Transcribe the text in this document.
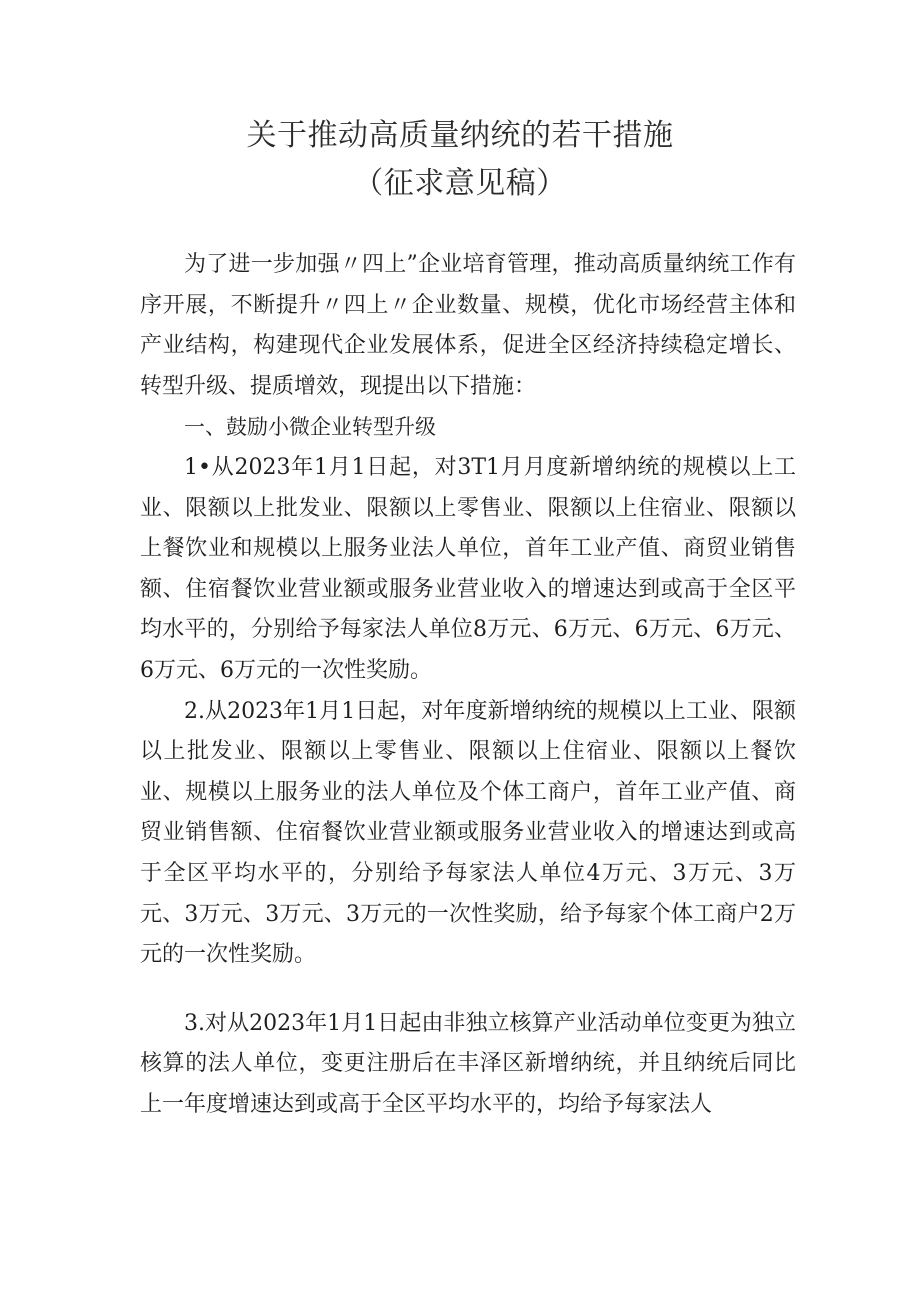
关于推动高质量纳统的若干措施
（征求意见稿）

为了进一步加强〃四上”企业培育管理，推动高质量纳统工作有序开展，不断提升〃四上〃企业数量、规模，优化市场经营主体和产业结构，构建现代企业发展体系，促进全区经济持续稳定增长、转型升级、提质增效，现提出以下措施：

一、鼓励小微企业转型升级

1•从2023年1月1日起，对3T1月月度新增纳统的规模以上工业、限额以上批发业、限额以上零售业、限额以上住宿业、限额以上餐饮业和规模以上服务业法人单位，首年工业产值、商贸业销售额、住宿餐饮业营业额或服务业营业收入的增速达到或高于全区平均水平的，分别给予每家法人单位8万元、6万元、6万元、6万元、6万元、6万元的一次性奖励。

2.从2023年1月1日起，对年度新增纳统的规模以上工业、限额以上批发业、限额以上零售业、限额以上住宿业、限额以上餐饮业、规模以上服务业的法人单位及个体工商户，首年工业产值、商贸业销售额、住宿餐饮业营业额或服务业营业收入的增速达到或高于全区平均水平的，分别给予每家法人单位4万元、3万元、3万元、3万元、3万元、3万元的一次性奖励，给予每家个体工商户2万元的一次性奖励。

3.对从2023年1月1日起由非独立核算产业活动单位变更为独立核算的法人单位，变更注册后在丰泽区新增纳统，并且纳统后同比上一年度增速达到或高于全区平均水平的，均给予每家法人
